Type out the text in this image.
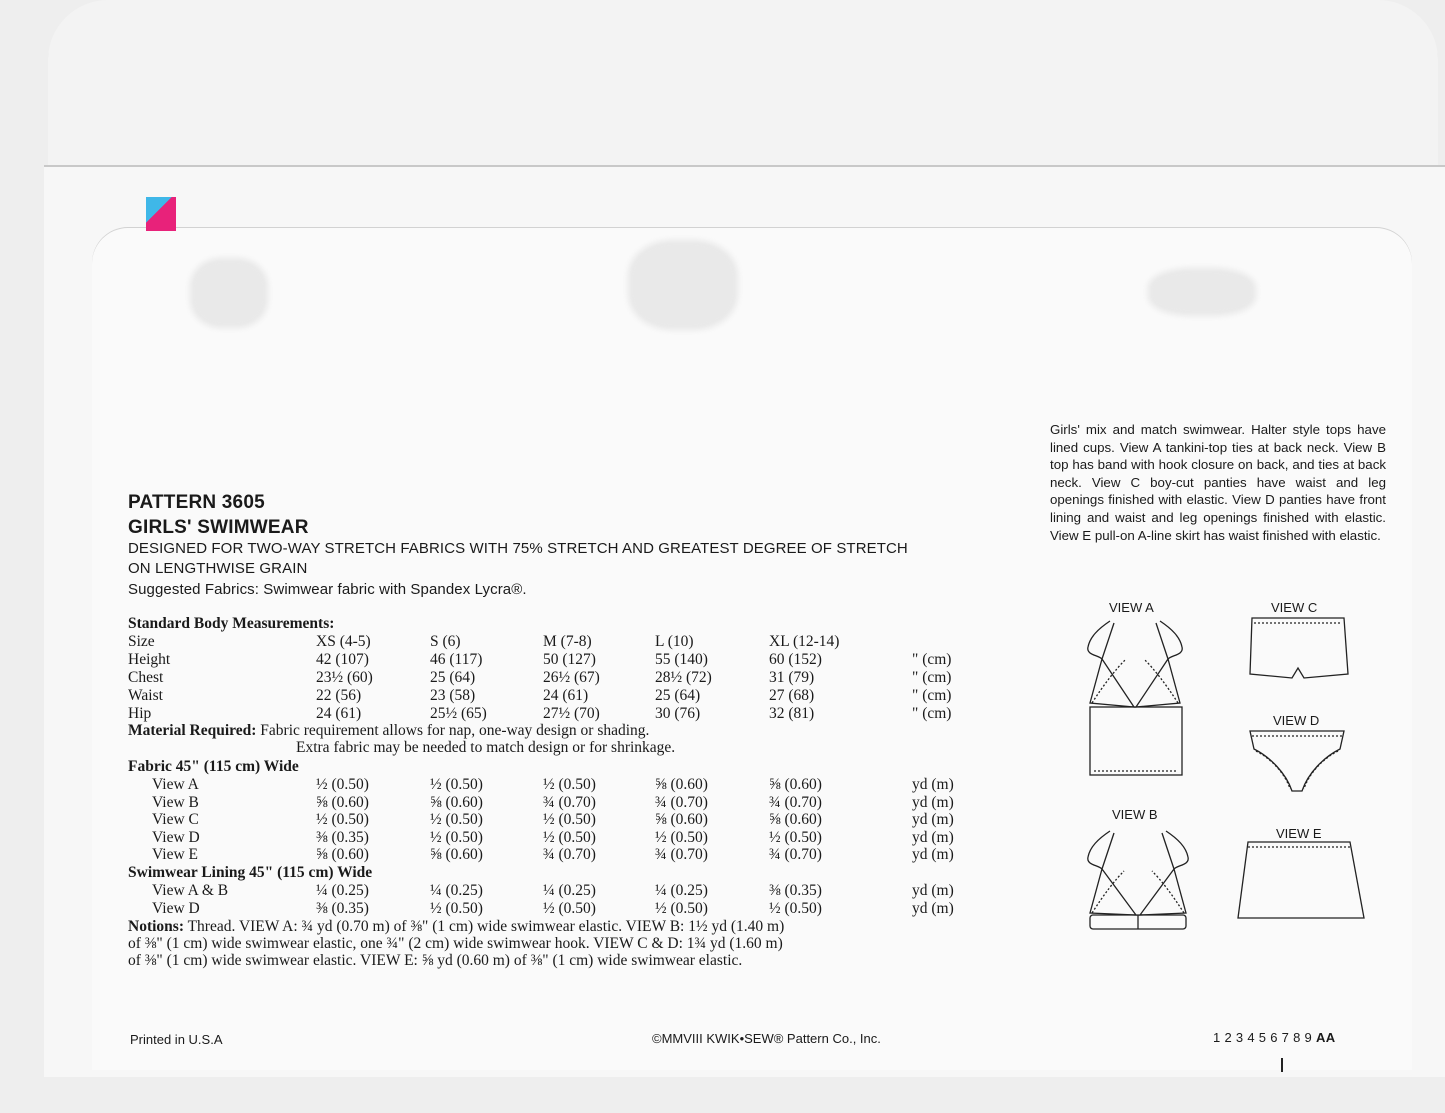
PATTERN 3605
GIRLS' SWIMWEAR
DESIGNED FOR TWO-WAY STRETCH FABRICS WITH 75% STRETCH AND GREATEST DEGREE OF STRETCH
ON LENGTHWISE GRAIN
Suggested Fabrics: Swimwear fabric with Spandex Lycra®.
Standard Body Measurements:
Size	XS (4-5)	S (6)	M (7-8)	L (10)	XL (12-14)
Height	42 (107)	46 (117)	50 (127)	55 (140)	60 (152)	" (cm)
Chest	23½ (60)	25 (64)	26½ (67)	28½ (72)	31 (79)	" (cm)
Waist	22 (56)	23 (58)	24 (61)	25 (64)	27 (68)	" (cm)
Hip	24 (61)	25½ (65)	27½ (70)	30 (76)	32 (81)	" (cm)
Material Required: Fabric requirement allows for nap, one-way design or shading.
Extra fabric may be needed to match design or for shrinkage.
Fabric 45" (115 cm) Wide
View A	½ (0.50)	½ (0.50)	½ (0.50)	⅝ (0.60)	⅝ (0.60)	yd (m)
View B	⅝ (0.60)	⅝ (0.60)	¾ (0.70)	¾ (0.70)	¾ (0.70)	yd (m)
View C	½ (0.50)	½ (0.50)	½ (0.50)	⅝ (0.60)	⅝ (0.60)	yd (m)
View D	⅜ (0.35)	½ (0.50)	½ (0.50)	½ (0.50)	½ (0.50)	yd (m)
View E	⅝ (0.60)	⅝ (0.60)	¾ (0.70)	¾ (0.70)	¾ (0.70)	yd (m)
Swimwear Lining 45" (115 cm) Wide
View A & B	¼ (0.25)	¼ (0.25)	¼ (0.25)	¼ (0.25)	⅜ (0.35)	yd (m)
View D	⅜ (0.35)	½ (0.50)	½ (0.50)	½ (0.50)	½ (0.50)	yd (m)
Notions: Thread. VIEW A: ¾ yd (0.70 m) of ⅜" (1 cm) wide swimwear elastic. VIEW B: 1½ yd (1.40 m)
of ⅜" (1 cm) wide swimwear elastic, one ¾" (2 cm) wide swimwear hook. VIEW C & D: 1¾ yd (1.60 m)
of ⅜" (1 cm) wide swimwear elastic. VIEW E: ⅝ yd (0.60 m) of ⅜" (1 cm) wide swimwear elastic.
Girls' mix and match swimwear. Halter style tops have lined cups. View A tankini-top ties at back neck. View B top has band with hook closure on back, and ties at back neck. View C boy-cut panties have waist and leg openings finished with elastic. View D panties have front lining and waist and leg openings finished with elastic. View E pull-on A-line skirt has waist finished with elastic.
VIEW A	VIEW C
VIEW D
VIEW B
VIEW E
Printed in U.S.A	©MMVIII KWIK•SEW® Pattern Co., Inc.	1 2 3 4 5 6 7 8 9 AA
